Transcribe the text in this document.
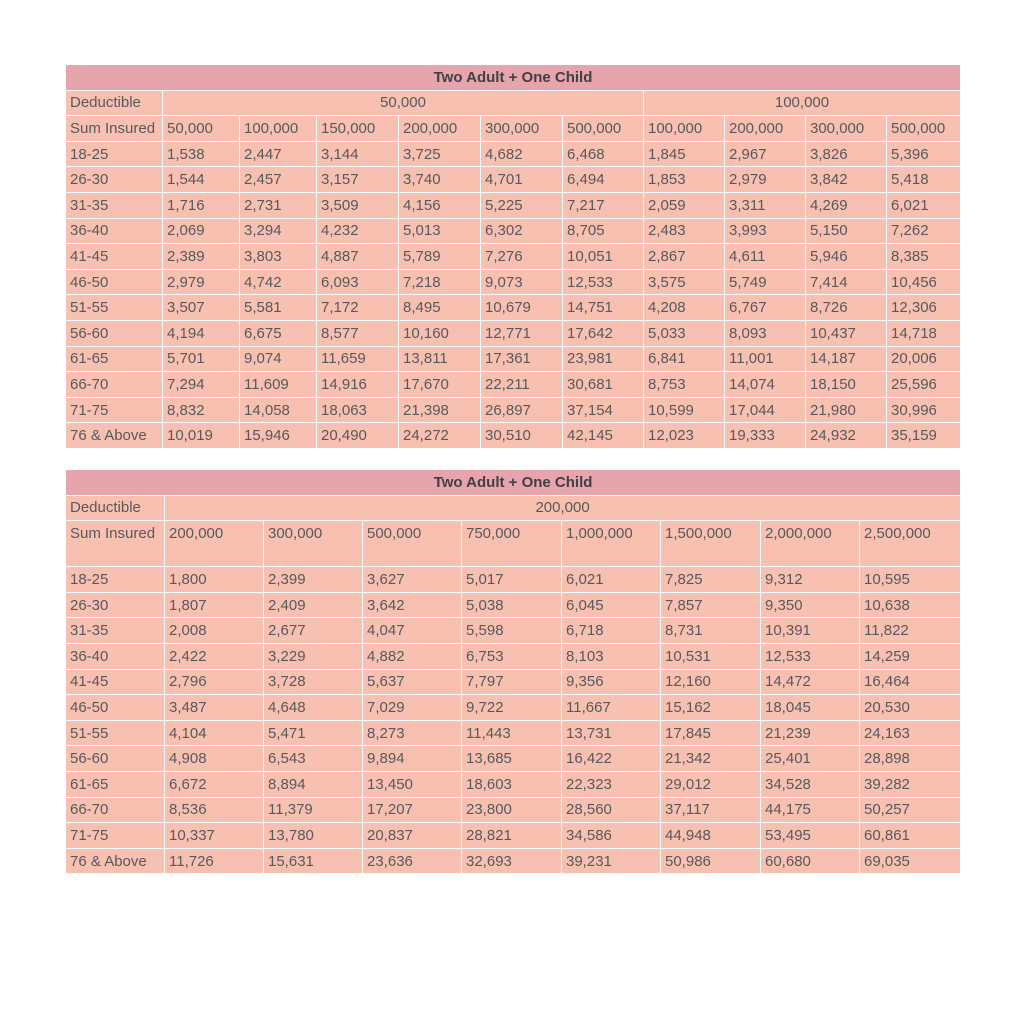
Two Adult + One Child										
Deductible	50,000						100,000			
Sum Insured	50,000	100,000	150,000	200,000	300,000	500,000	100,000	200,000	300,000	500,000
18-25	1,538	2,447	3,144	3,725	4,682	6,468	1,845	2,967	3,826	5,396
26-30	1,544	2,457	3,157	3,740	4,701	6,494	1,853	2,979	3,842	5,418
31-35	1,716	2,731	3,509	4,156	5,225	7,217	2,059	3,311	4,269	6,021
36-40	2,069	3,294	4,232	5,013	6,302	8,705	2,483	3,993	5,150	7,262
41-45	2,389	3,803	4,887	5,789	7,276	10,051	2,867	4,611	5,946	8,385
46-50	2,979	4,742	6,093	7,218	9,073	12,533	3,575	5,749	7,414	10,456
51-55	3,507	5,581	7,172	8,495	10,679	14,751	4,208	6,767	8,726	12,306
56-60	4,194	6,675	8,577	10,160	12,771	17,642	5,033	8,093	10,437	14,718
61-65	5,701	9,074	11,659	13,811	17,361	23,981	6,841	11,001	14,187	20,006
66-70	7,294	11,609	14,916	17,670	22,211	30,681	8,753	14,074	18,150	25,596
71-75	8,832	14,058	18,063	21,398	26,897	37,154	10,599	17,044	21,980	30,996
76 & Above	10,019	15,946	20,490	24,272	30,510	42,145	12,023	19,333	24,932	35,159
Two Adult + One Child								
Deductible	200,000							
Sum Insured	200,000	300,000	500,000	750,000	1,000,000	1,500,000	2,000,000	2,500,000
18-25	1,800	2,399	3,627	5,017	6,021	7,825	9,312	10,595
26-30	1,807	2,409	3,642	5,038	6,045	7,857	9,350	10,638
31-35	2,008	2,677	4,047	5,598	6,718	8,731	10,391	11,822
36-40	2,422	3,229	4,882	6,753	8,103	10,531	12,533	14,259
41-45	2,796	3,728	5,637	7,797	9,356	12,160	14,472	16,464
46-50	3,487	4,648	7,029	9,722	11,667	15,162	18,045	20,530
51-55	4,104	5,471	8,273	11,443	13,731	17,845	21,239	24,163
56-60	4,908	6,543	9,894	13,685	16,422	21,342	25,401	28,898
61-65	6,672	8,894	13,450	18,603	22,323	29,012	34,528	39,282
66-70	8,536	11,379	17,207	23,800	28,560	37,117	44,175	50,257
71-75	10,337	13,780	20,837	28,821	34,586	44,948	53,495	60,861
76 & Above	11,726	15,631	23,636	32,693	39,231	50,986	60,680	69,035
